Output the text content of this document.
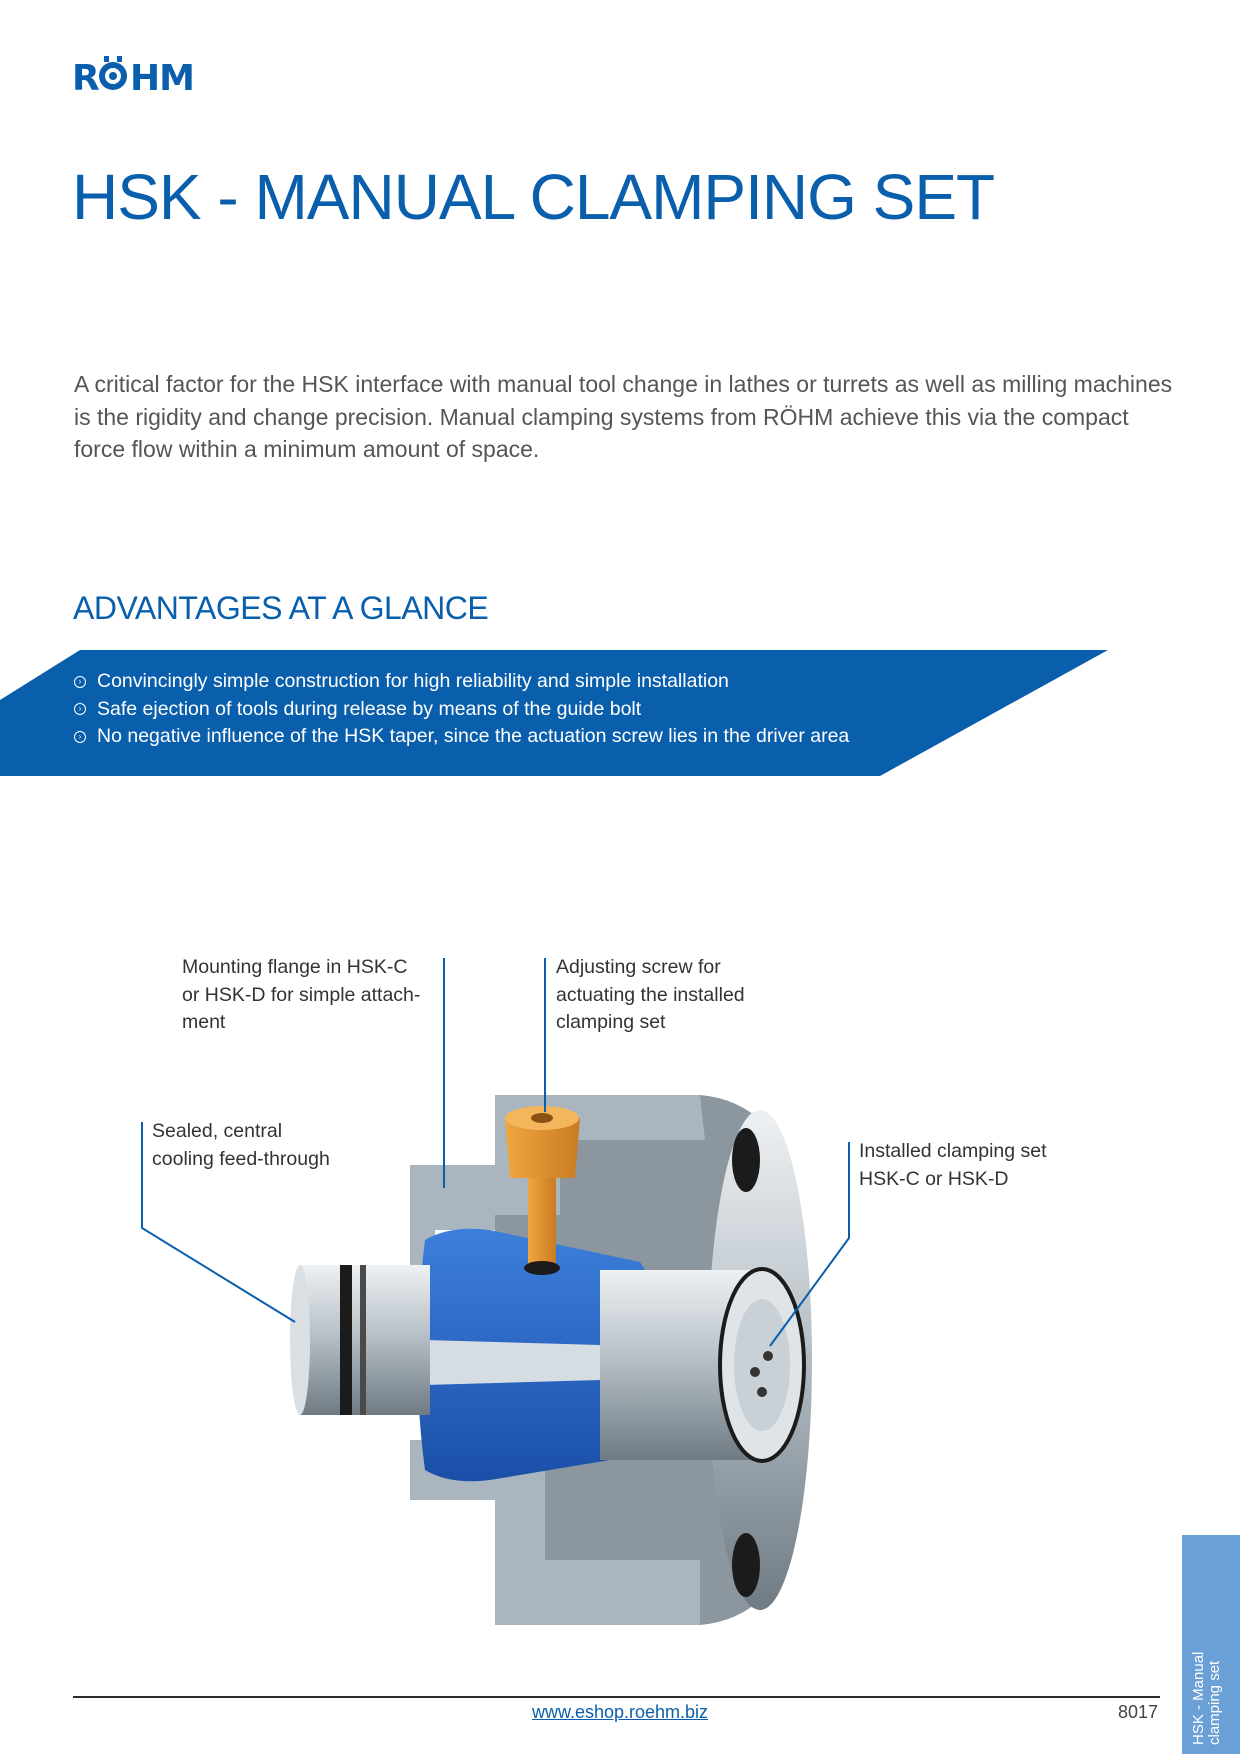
R HM
HSK - MANUAL CLAMPING SET

A critical factor for the HSK interface with manual tool change in lathes or turrets as well as milling machines is the rigidity and change precision. Manual clamping systems from RÖHM achieve this via the compact force flow within a minimum amount of space.

ADVANTAGES AT A GLANCE
› Convincingly simple construction for high reliability and simple installation
› Safe ejection of tools during release by means of the guide bolt
› No negative influence of the HSK taper, since the actuation screw lies in the driver area

Mounting flange in HSK-C
or HSK-D for simple attach-
ment

Adjusting screw for
actuating the installed
clamping set

Sealed, central
cooling feed-through	Installed clamping set
HSK-C or HSK-D

HSK - Manual
clamping set
www.eshop.roehm.biz	8017
